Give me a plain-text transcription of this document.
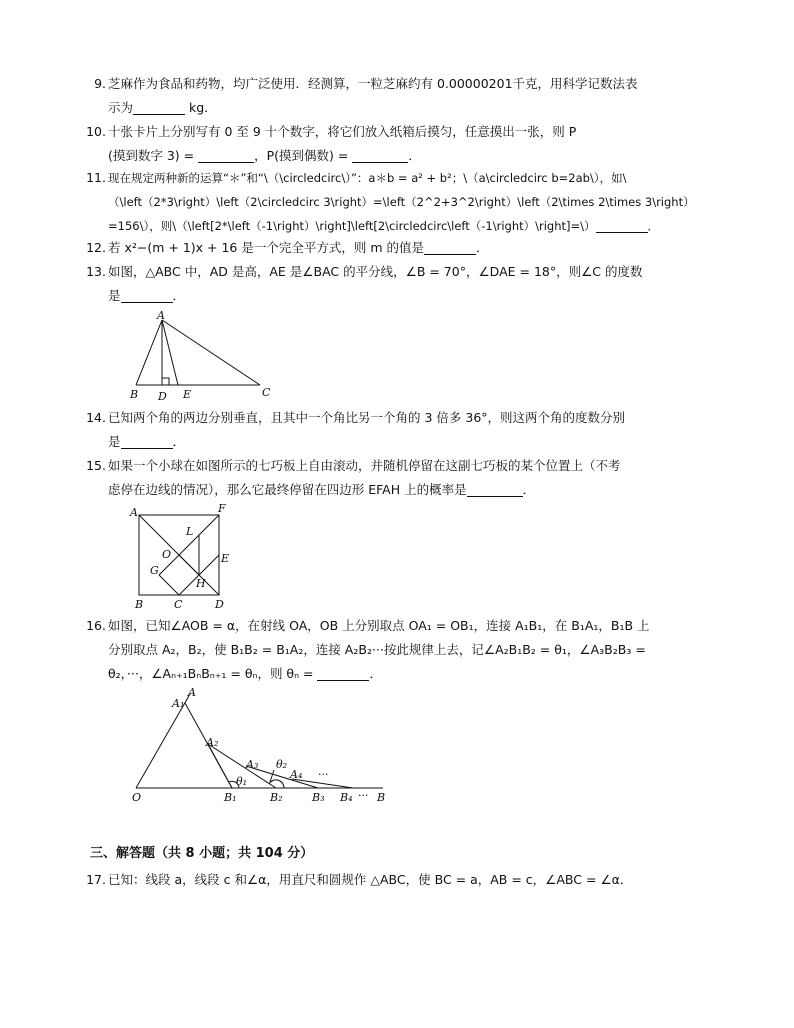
9. 芝麻作为食品和药物，均广泛使用．经测算，一粒芝麻约有 0.00000201千克，用科学记数法表
示为	kg．
10. 十张卡片上分别写有 0 至 9 十个数字，将它们放入纸箱后摸匀，任意摸出一张，则 P
(摸到数字 3) =	，P(摸到偶数) =	．
11. 现在规定两种新的运算“＊”和“\（\circledcirc\）”：a＊b = a² + b²；\（a\circledcirc b=2ab\），如\
（\left（2*3\right）\left（2\circledcirc 3\right）=\left（2^2+3^2\right）\left（2\times 2\times 3\right）
=156\），则\（\left[2*\left（-1\right）\right]\left[2\circledcirc\left（-1\right）\right]=\）	．
12. 若 x²−(m + 1)x + 16 是一个完全平方式，则 m 的值是	．
13. 如图，△ABC 中，AD 是高，AE 是∠BAC 的平分线，∠B = 70°，∠DAE = 18°，则∠C 的度数
是	．
A
B D E	C
14. 已知两个角的两边分别垂直，且其中一个角比另一个角的 3 倍多 36°，则这两个角的度数分别
是	．
15. 如果一个小球在如图所示的七巧板上自由滚动，并随机停留在这副七巧板的某个位置上（不考
虑停在边线的情况），那么它最终停留在四边形 EFAH 上的概率是	．
A	F
L
O	E
G
H
B	C	D
16. 如图，已知∠AOB = α，在射线 OA，OB 上分别取点 OA₁ = OB₁，连接 A₁B₁，在 B₁A₁，B₁B 上
分别取点 A₂，B₂，使 B₁B₂ = B₁A₂，连接 A₂B₂···按此规律上去，记∠A₂B₁B₂ = θ₁，∠A₃B₂B₃ =
θ₂，···，∠Aₙ₊₁BₙBₙ₊₁ = θₙ，则 θₙ =	．
O
A
A₁
A₂
A₃ θ₂
A₄ ···
θ₁
B₁	B₂	B₃ B₄ ··· B
三、解答题（共 8 小题；共 104 分）
17. 已知：线段 a，线段 c 和∠α，用直尺和圆规作 △ABC，使 BC = a，AB = c，∠ABC = ∠α．
